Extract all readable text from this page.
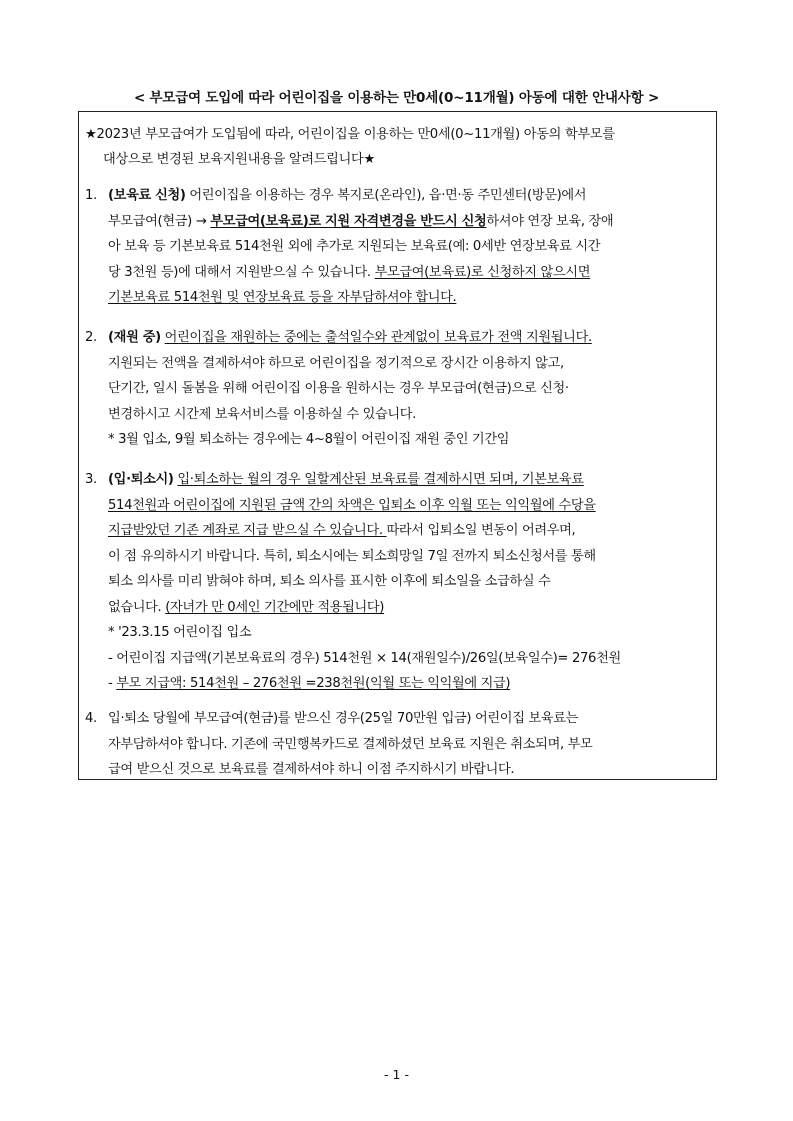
< 부모급여 도입에 따라 어린이집을 이용하는 만0세(0~11개월) 아동에 대한 안내사항 >
★2023년 부모급여가 도입됨에 따라, 어린이집을 이용하는 만0세(0~11개월) 아동의 학부모를
대상으로 변경된 보육지원내용을 알려드립니다★
1. (보육료 신청) 어린이집을 이용하는 경우 복지로(온라인), 읍·면·동 주민센터(방문)에서
부모급여(현금) → 부모급여(보육료)로 지원 자격변경을 반드시 신청하셔야 연장 보육, 장애
아 보육 등 기본보육료 514천원 외에 추가로 지원되는 보육료(예: 0세반 연장보육료 시간
당 3천원 등)에 대해서 지원받으실 수 있습니다. 부모급여(보육료)로 신청하지 않으시면
기본보육료 514천원 및 연장보육료 등을 자부담하셔야 합니다.
2. (재원 중) 어린이집을 재원하는 중에는 출석일수와 관계없이 보육료가 전액 지원됩니다.
지원되는 전액을 결제하셔야 하므로 어린이집을 정기적으로 장시간 이용하지 않고,
단기간, 일시 돌봄을 위해 어린이집 이용을 원하시는 경우 부모급여(현금)으로 신청·
변경하시고 시간제 보육서비스를 이용하실 수 있습니다.
* 3월 입소, 9월 퇴소하는 경우에는 4~8월이 어린이집 재원 중인 기간임
3. (입·퇴소시) 입·퇴소하는 월의 경우 일할계산된 보육료를 결제하시면 되며, 기본보육료
514천원과 어린이집에 지원된 금액 간의 차액은 입퇴소 이후 익월 또는 익익월에 수당을
지급받았던 기존 계좌로 지급 받으실 수 있습니다. 따라서 입퇴소일 변동이 어려우며,
이 점 유의하시기 바랍니다. 특히, 퇴소시에는 퇴소희망일 7일 전까지 퇴소신청서를 통해
퇴소 의사를 미리 밝혀야 하며, 퇴소 의사를 표시한 이후에 퇴소일을 소급하실 수
없습니다. (자녀가 만 0세인 기간에만 적용됩니다)
* '23.3.15 어린이집 입소
- 어린이집 지급액(기본보육료의 경우) 514천원 × 14(재원일수)/26일(보육일수)= 276천원
- 부모 지급액: 514천원 – 276천원 =238천원(익월 또는 익익월에 지급)
4. 입·퇴소 당월에 부모급여(현금)를 받으신 경우(25일 70만원 입금) 어린이집 보육료는
자부담하셔야 합니다. 기존에 국민행복카드로 결제하셨던 보육료 지원은 취소되며, 부모
급여 받으신 것으로 보육료를 결제하셔야 하니 이점 주지하시기 바랍니다.
- 1 -
